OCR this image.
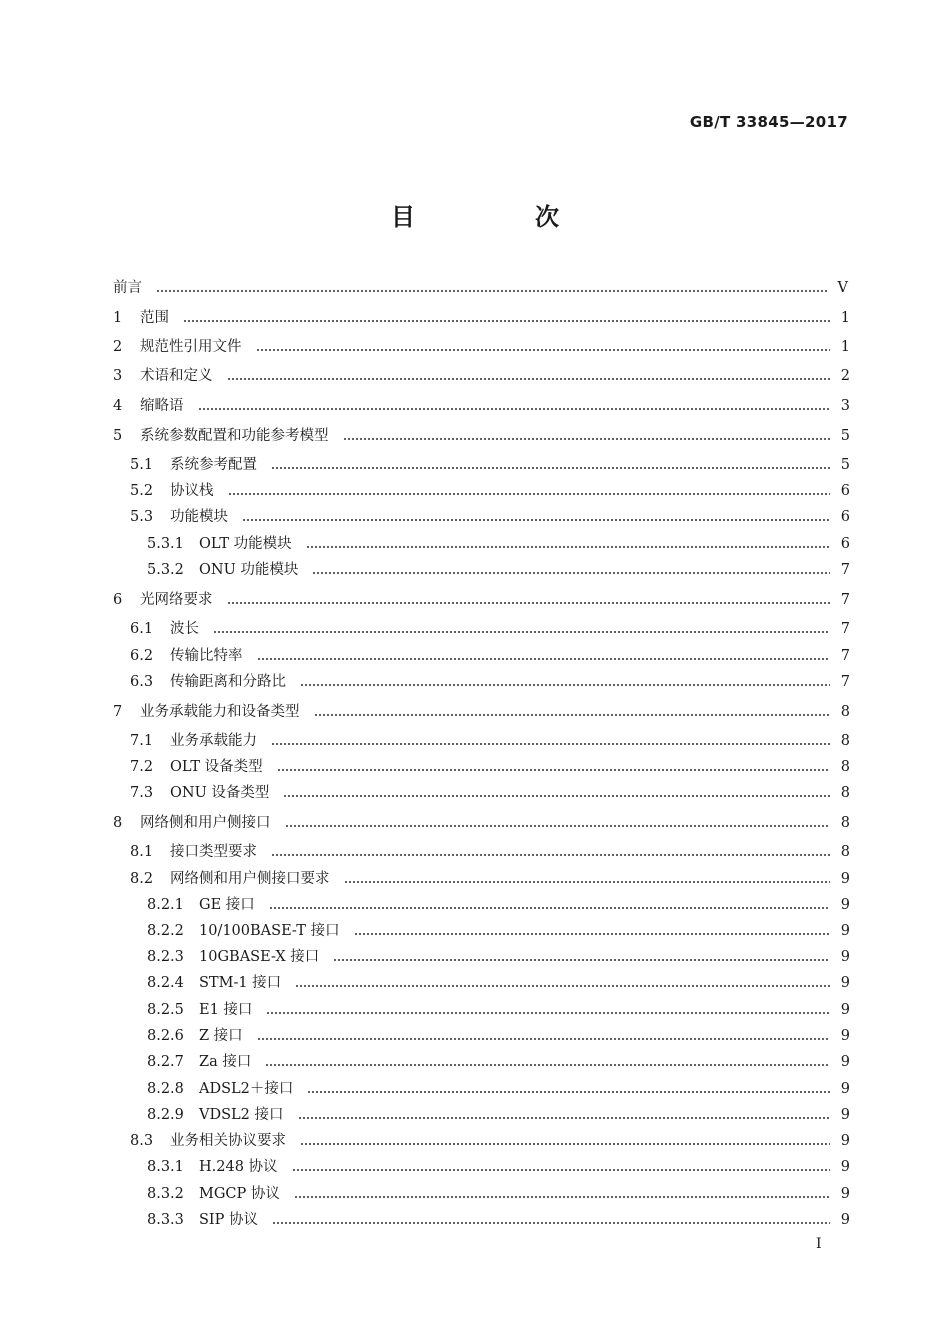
GB/T 33845—2017
目　次
前言	V
1	范围	1
2	规范性引用文件	1
3	术语和定义	2
4	缩略语	3
5	系统参数配置和功能参考模型	5
5.1	系统参考配置	5
5.2	协议栈	6
5.3	功能模块	6
5.3.1	OLT 功能模块	6
5.3.2	ONU 功能模块	7
6	光网络要求	7
6.1	波长	7
6.2	传输比特率	7
6.3	传输距离和分路比	7
7	业务承载能力和设备类型	8
7.1	业务承载能力	8
7.2	OLT 设备类型	8
7.3	ONU 设备类型	8
8	网络侧和用户侧接口	8
8.1	接口类型要求	8
8.2	网络侧和用户侧接口要求	9
8.2.1	GE 接口	9
8.2.2	10/100BASE-T 接口	9
8.2.3	10GBASE-X 接口	9
8.2.4	STM-1 接口	9
8.2.5	E1 接口	9
8.2.6	Z 接口	9
8.2.7	Za 接口	9
8.2.8	ADSL2＋接口	9
8.2.9	VDSL2 接口	9
8.3	业务相关协议要求	9
8.3.1	H.248 协议	9
8.3.2	MGCP 协议	9
8.3.3	SIP 协议	9
I
